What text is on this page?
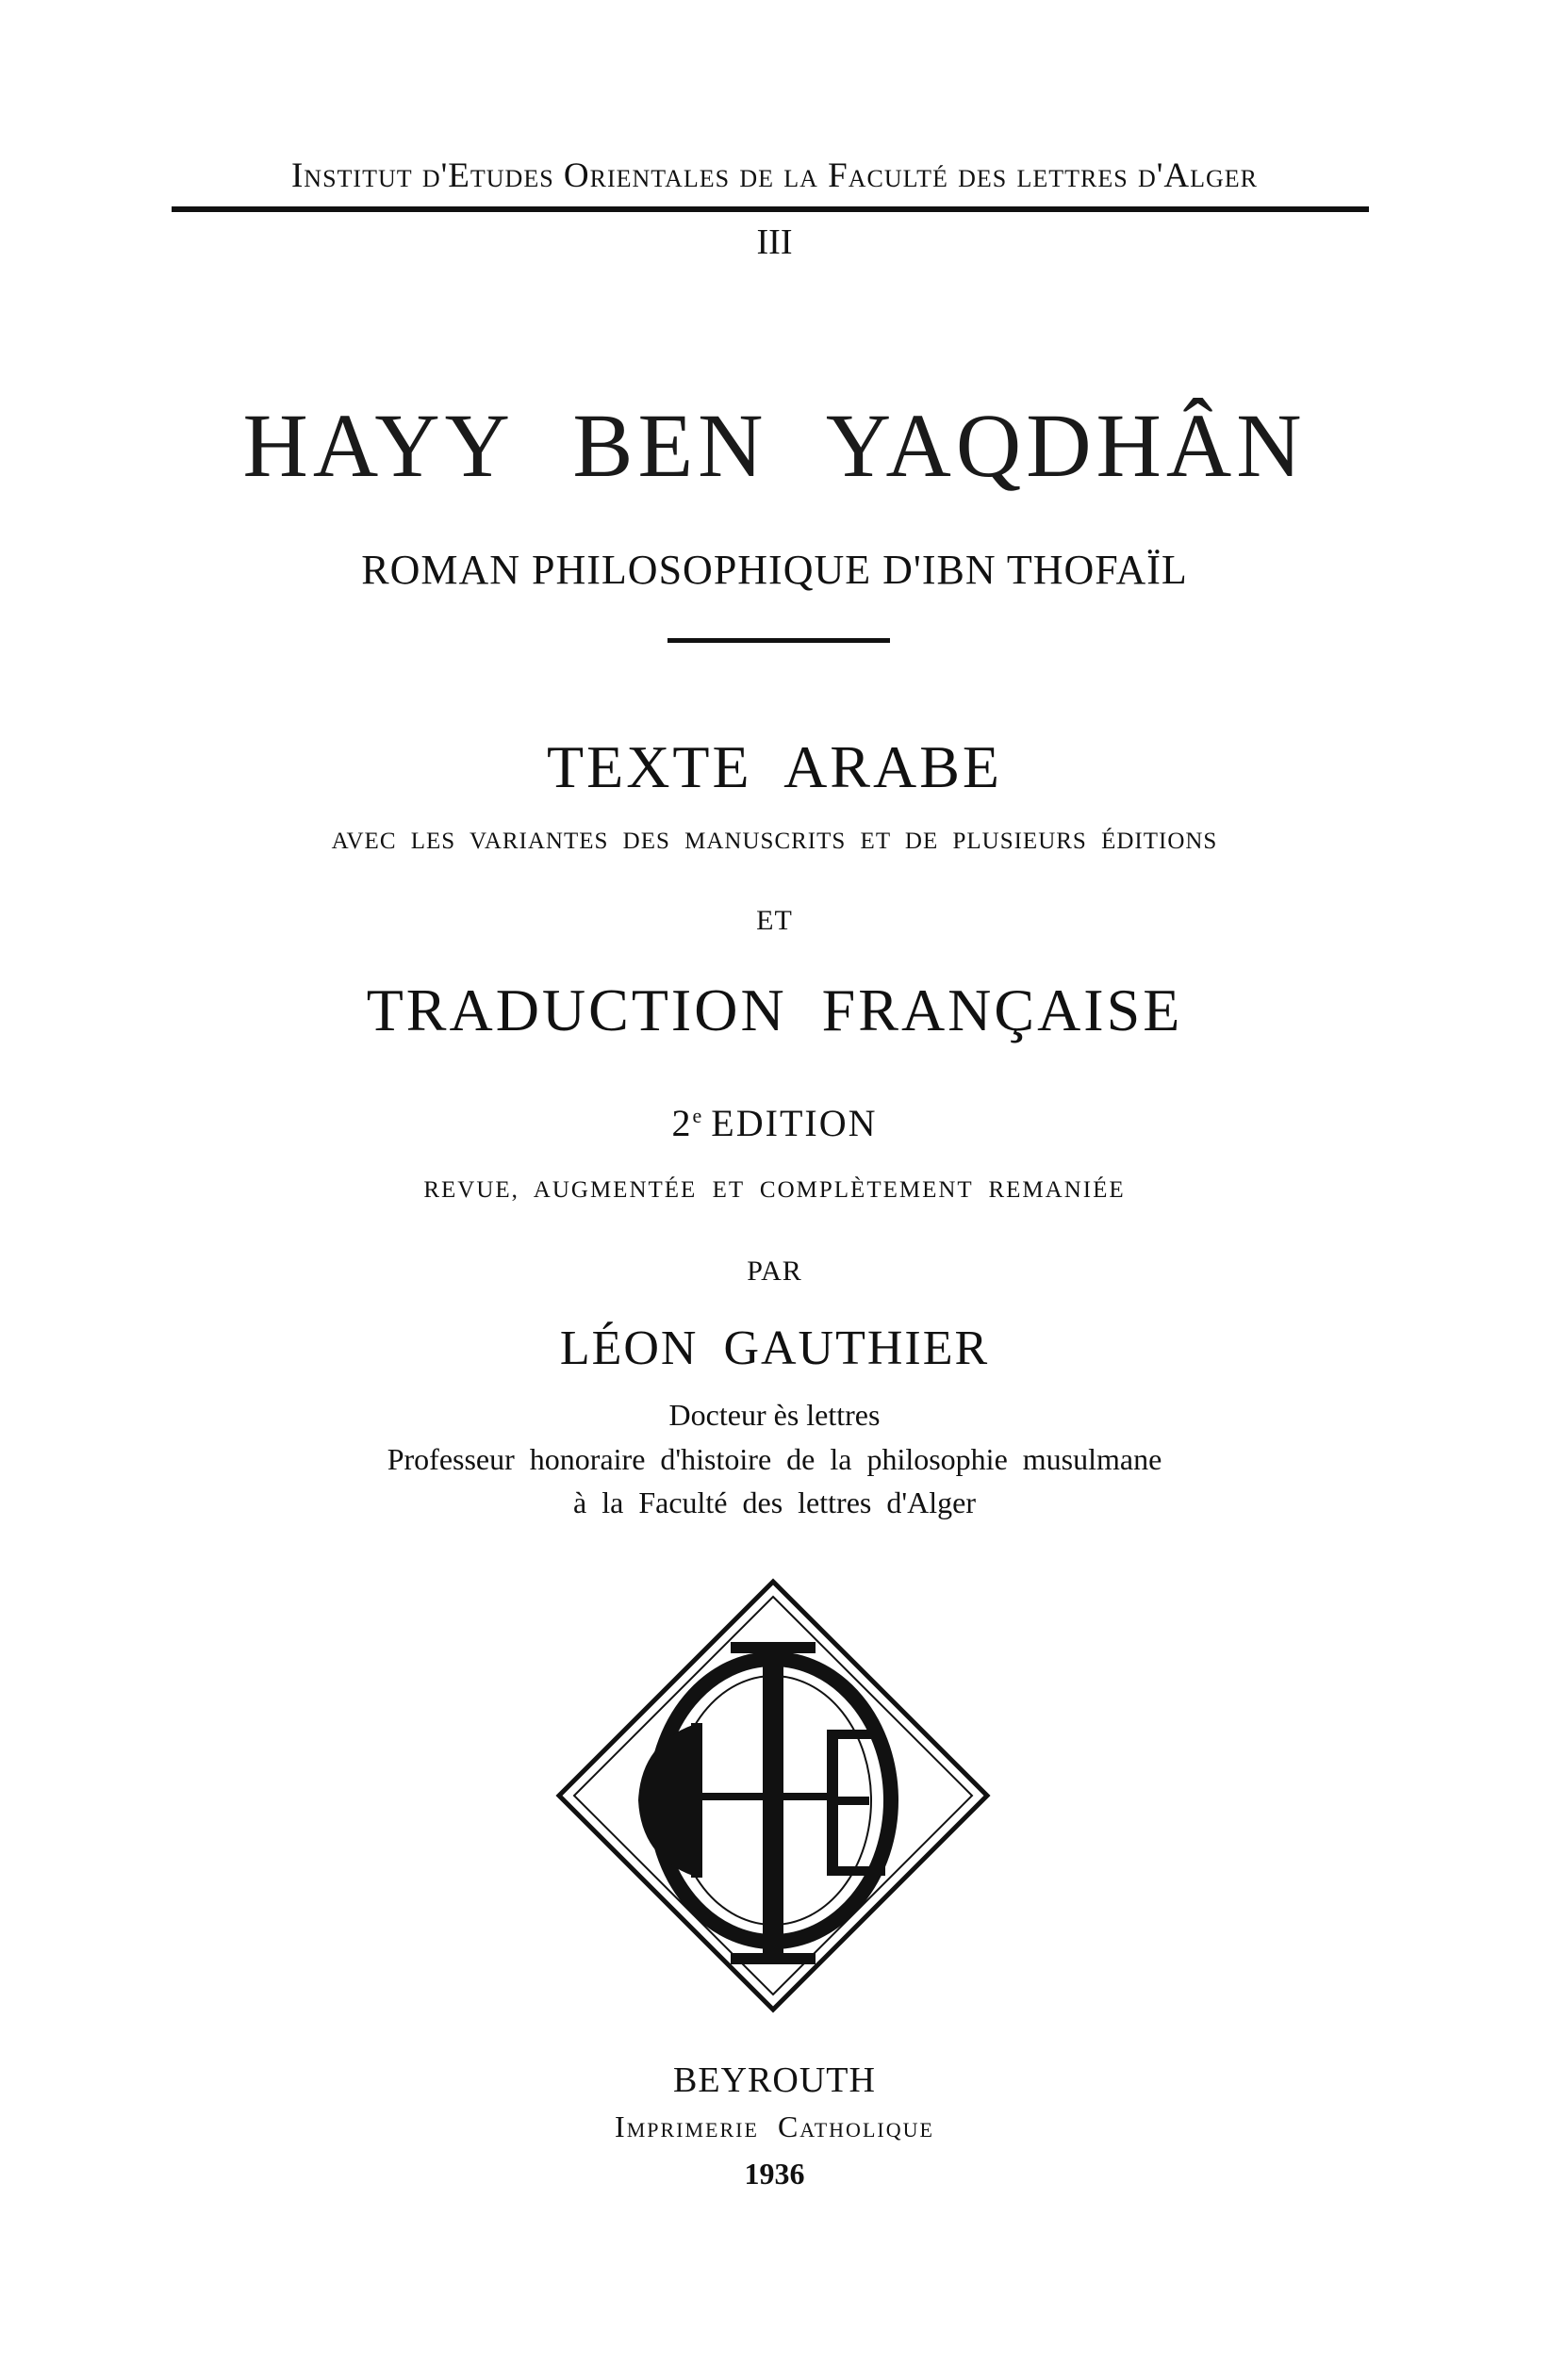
Institut d'Etudes Orientales de la Faculté des lettres d'Alger
III
HAYY BEN YAQDHÂN
ROMAN PHILOSOPHIQUE D'IBN THOFAÏL
TEXTE ARABE
AVEC LES VARIANTES DES MANUSCRITS ET DE PLUSIEURS ÉDITIONS
ET
TRADUCTION FRANÇAISE
2e EDITION
REVUE, AUGMENTÉE ET COMPLÈTEMENT REMANIÉE
PAR
LÉON GAUTHIER
Docteur ès lettres
Professeur honoraire d'histoire de la philosophie musulmane
à la Faculté des lettres d'Alger
BEYROUTH
Imprimerie Catholique
1936
